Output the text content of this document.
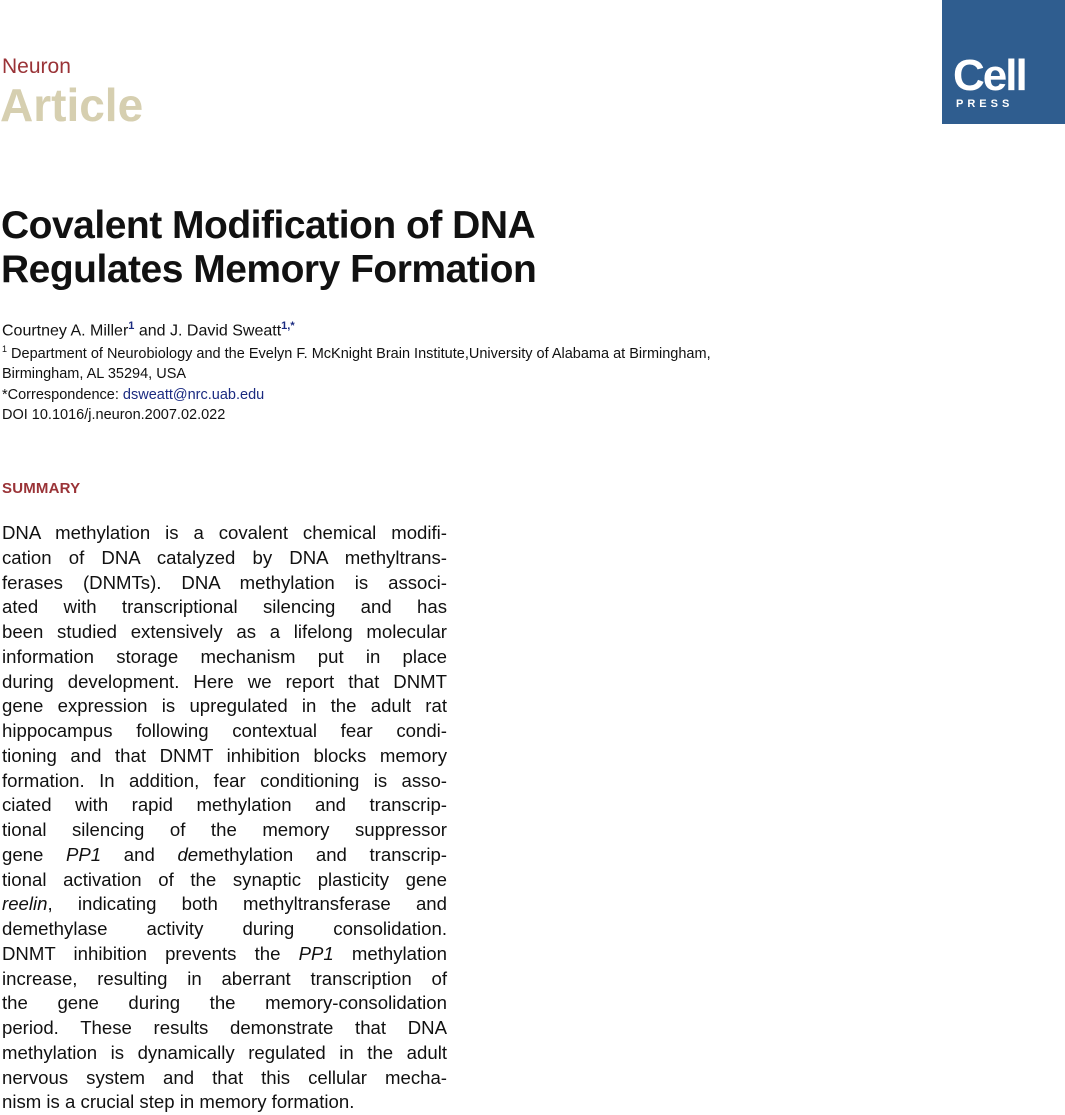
Neuron
Article
Cell
PRESS
Covalent Modification of DNA
Regulates Memory Formation
Courtney A. Miller$^1$ and J. David Sweatt$^{1,*}$
$^1$ Department of Neurobiology and the Evelyn F. McKnight Brain Institute,University of Alabama at Birmingham,
Birmingham, AL 35294, USA
*Correspondence: dsweatt@nrc.uab.edu
DOI 10.1016/j.neuron.2007.02.022
SUMMARY
DNA methylation is a covalent chemical modifi-
cation of DNA catalyzed by DNA methyltrans-
ferases (DNMTs). DNA methylation is associ-
ated with transcriptional silencing and has
been studied extensively as a lifelong molecular
information storage mechanism put in place
during development. Here we report that DNMT
gene expression is upregulated in the adult rat
hippocampus following contextual fear condi-
tioning and that DNMT inhibition blocks memory
formation. In addition, fear conditioning is asso-
ciated with rapid methylation and transcrip-
tional silencing of the memory suppressor
gene PP1 and demethylation and transcrip-
tional activation of the synaptic plasticity gene
reelin, indicating both methyltransferase and
demethylase activity during consolidation.
DNMT inhibition prevents the PP1 methylation
increase, resulting in aberrant transcription of
the gene during the memory-consolidation
period. These results demonstrate that DNA
methylation is dynamically regulated in the adult
nervous system and that this cellular mecha-
nism is a crucial step in memory formation.
